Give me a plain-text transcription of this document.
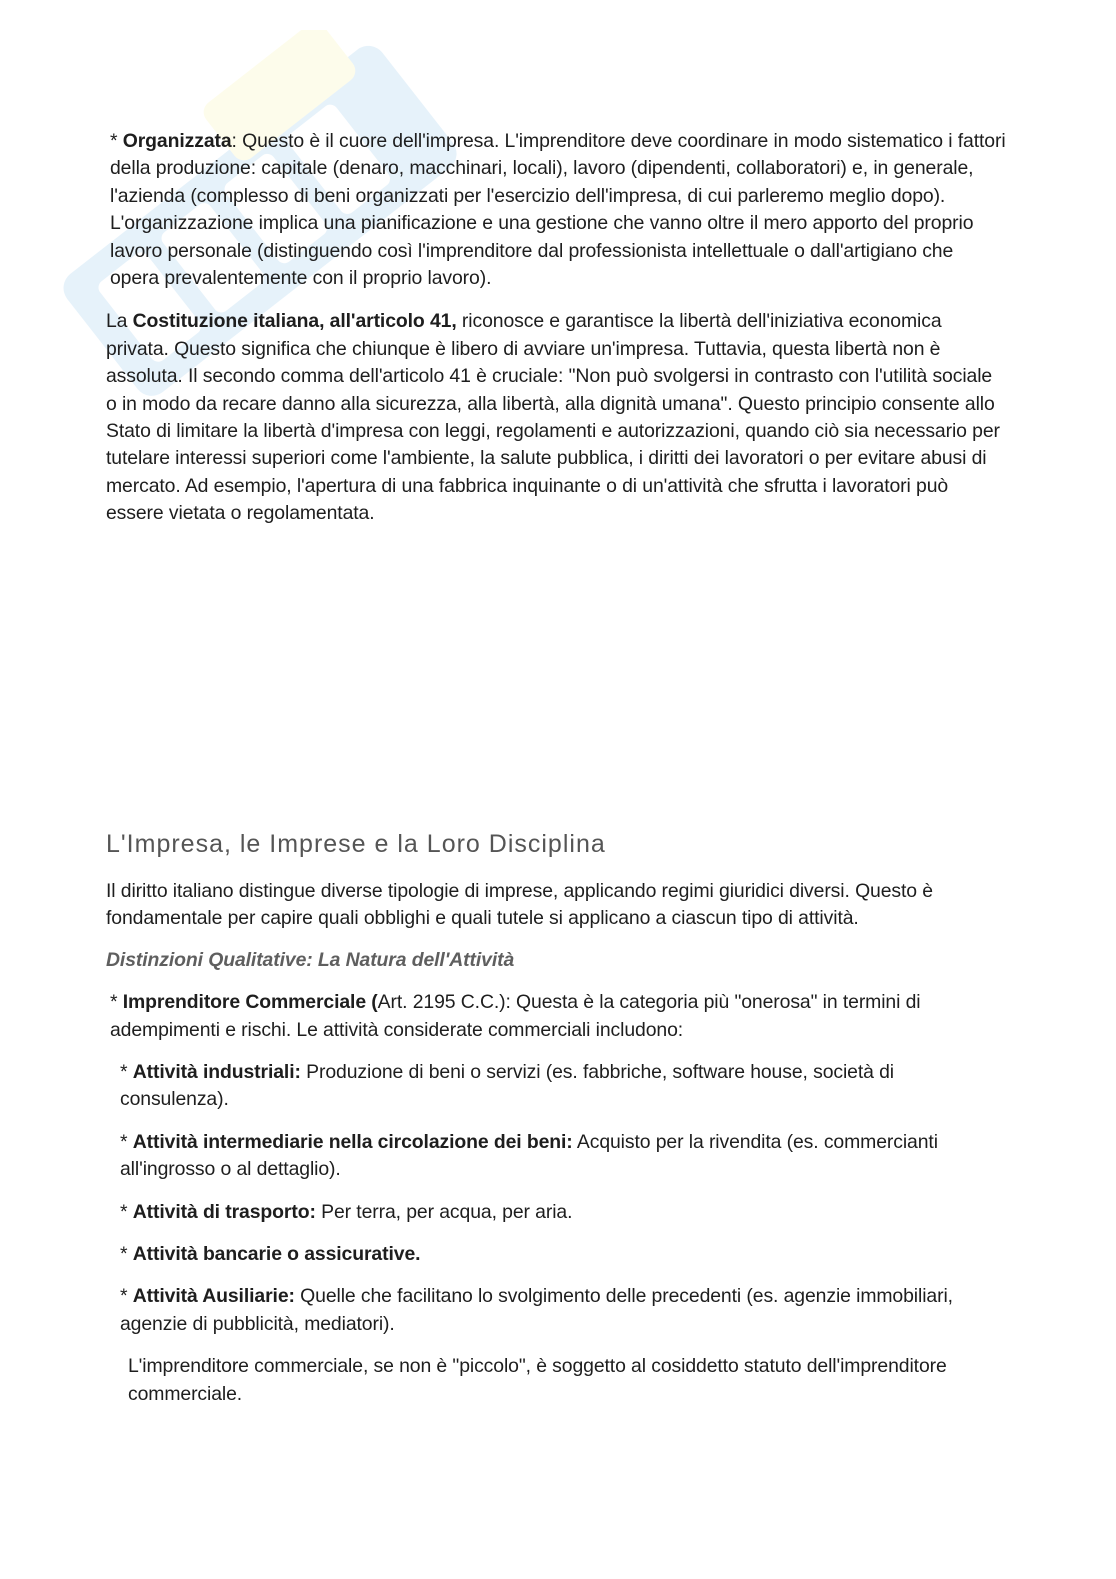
* Organizzata: Questo è il cuore dell'impresa. L'imprenditore deve coordinare in modo sistematico i fattori della produzione: capitale (denaro, macchinari, locali), lavoro (dipendenti, collaboratori) e, in generale, l'azienda (complesso di beni organizzati per l'esercizio dell'impresa, di cui parleremo meglio dopo). L'organizzazione implica una pianificazione e una gestione che vanno oltre il mero apporto del proprio lavoro personale (distinguendo così l'imprenditore dal professionista intellettuale o dall'artigiano che opera prevalentemente con il proprio lavoro).

La Costituzione italiana, all'articolo 41, riconosce e garantisce la libertà dell'iniziativa economica privata. Questo significa che chiunque è libero di avviare un'impresa. Tuttavia, questa libertà non è assoluta. Il secondo comma dell'articolo 41 è cruciale: "Non può svolgersi in contrasto con l'utilità sociale o in modo da recare danno alla sicurezza, alla libertà, alla dignità umana". Questo principio consente allo Stato di limitare la libertà d'impresa con leggi, regolamenti e autorizzazioni, quando ciò sia necessario per tutelare interessi superiori come l'ambiente, la salute pubblica, i diritti dei lavoratori o per evitare abusi di mercato. Ad esempio, l'apertura di una fabbrica inquinante o di un'attività che sfrutta i lavoratori può essere vietata o regolamentata.

L'Impresa, le Imprese e la Loro Disciplina

Il diritto italiano distingue diverse tipologie di imprese, applicando regimi giuridici diversi. Questo è fondamentale per capire quali obblighi e quali tutele si applicano a ciascun tipo di attività.

Distinzioni Qualitative: La Natura dell'Attività

* Imprenditore Commerciale (Art. 2195 C.C.): Questa è la categoria più "onerosa" in termini di adempimenti e rischi. Le attività considerate commerciali includono:

* Attività industriali: Produzione di beni o servizi (es. fabbriche, software house, società di consulenza).

* Attività intermediarie nella circolazione dei beni: Acquisto per la rivendita (es. commercianti all'ingrosso o al dettaglio).

* Attività di trasporto: Per terra, per acqua, per aria.

* Attività bancarie o assicurative.

* Attività Ausiliarie: Quelle che facilitano lo svolgimento delle precedenti (es. agenzie immobiliari, agenzie di pubblicità, mediatori).

L'imprenditore commerciale, se non è "piccolo", è soggetto al cosiddetto statuto dell'imprenditore commerciale.
